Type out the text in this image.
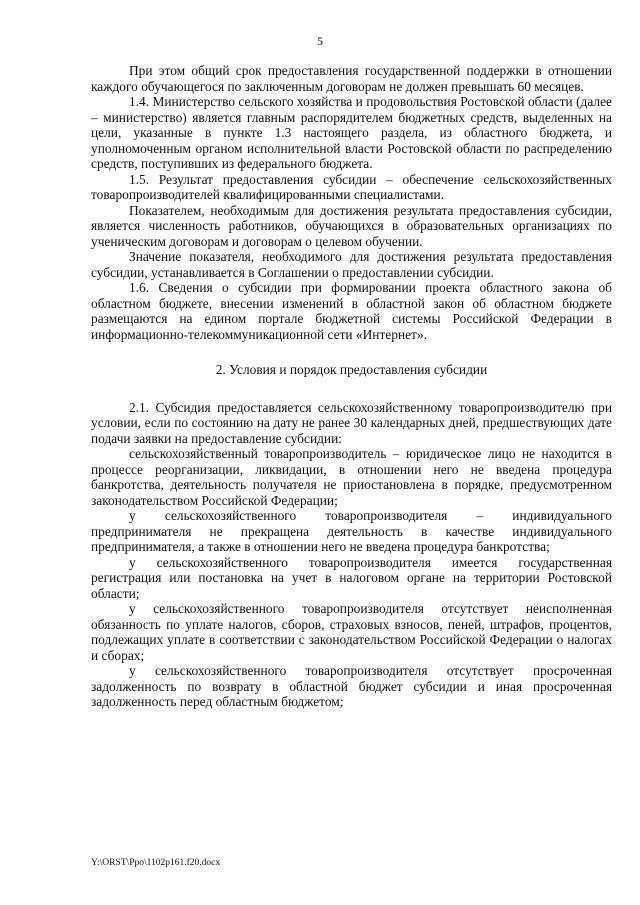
5

При этом общий срок предоставления государственной поддержки в отношении каждого обучающегося по заключенным договорам не должен превышать 60 месяцев.

1.4. Министерство сельского хозяйства и продовольствия Ростовской области (далее – министерство) является главным распорядителем бюджетных средств, выделенных на цели, указанные в пункте 1.3 настоящего раздела, из областного бюджета, и уполномоченным органом исполнительной власти Ростовской области по распределению средств, поступивших из федерального бюджета.

1.5. Результат предоставления субсидии – обеспечение сельскохозяйственных товаропроизводителей квалифицированными специалистами.

Показателем, необходимым для достижения результата предоставления субсидии, является численность работников, обучающихся в образовательных организациях по ученическим договорам и договорам о целевом обучении.

Значение показателя, необходимого для достижения результата предоставления субсидии, устанавливается в Соглашении о предоставлении субсидии.

1.6. Сведения о субсидии при формировании проекта областного закона об областном бюджете, внесении изменений в областной закон об областном бюджете размещаются на едином портале бюджетной системы Российской Федерации в информационно-телекоммуникационной сети «Интернет».

2. Условия и порядок предоставления субсидии

2.1. Субсидия предоставляется сельскохозяйственному товаропроизводителю при условии, если по состоянию на дату не ранее 30 календарных дней, предшествующих дате подачи заявки на предоставление субсидии:

сельскохозяйственный товаропроизводитель – юридическое лицо не находится в процессе реорганизации, ликвидации, в отношении него не введена процедура банкротства, деятельность получателя не приостановлена в порядке, предусмотренном законодательством Российской Федерации;

у сельскохозяйственного товаропроизводителя – индивидуального предпринимателя не прекращена деятельность в качестве индивидуального предпринимателя, а также в отношении него не введена процедура банкротства;

у сельскохозяйственного товаропроизводителя имеется государственная регистрация или постановка на учет в налоговом органе на территории Ростовской области;

у сельскохозяйственного товаропроизводителя отсутствует неисполненная обязанность по уплате налогов, сборов, страховых взносов, пеней, штрафов, процентов, подлежащих уплате в соответствии с законодательством Российской Федерации о налогах и сборах;

у сельскохозяйственного товаропроизводителя отсутствует просроченная задолженность по возврату в областной бюджет субсидии и иная просроченная задолженность перед областным бюджетом;

Y:\ORST\Ppo\1102p161.f20.docx
